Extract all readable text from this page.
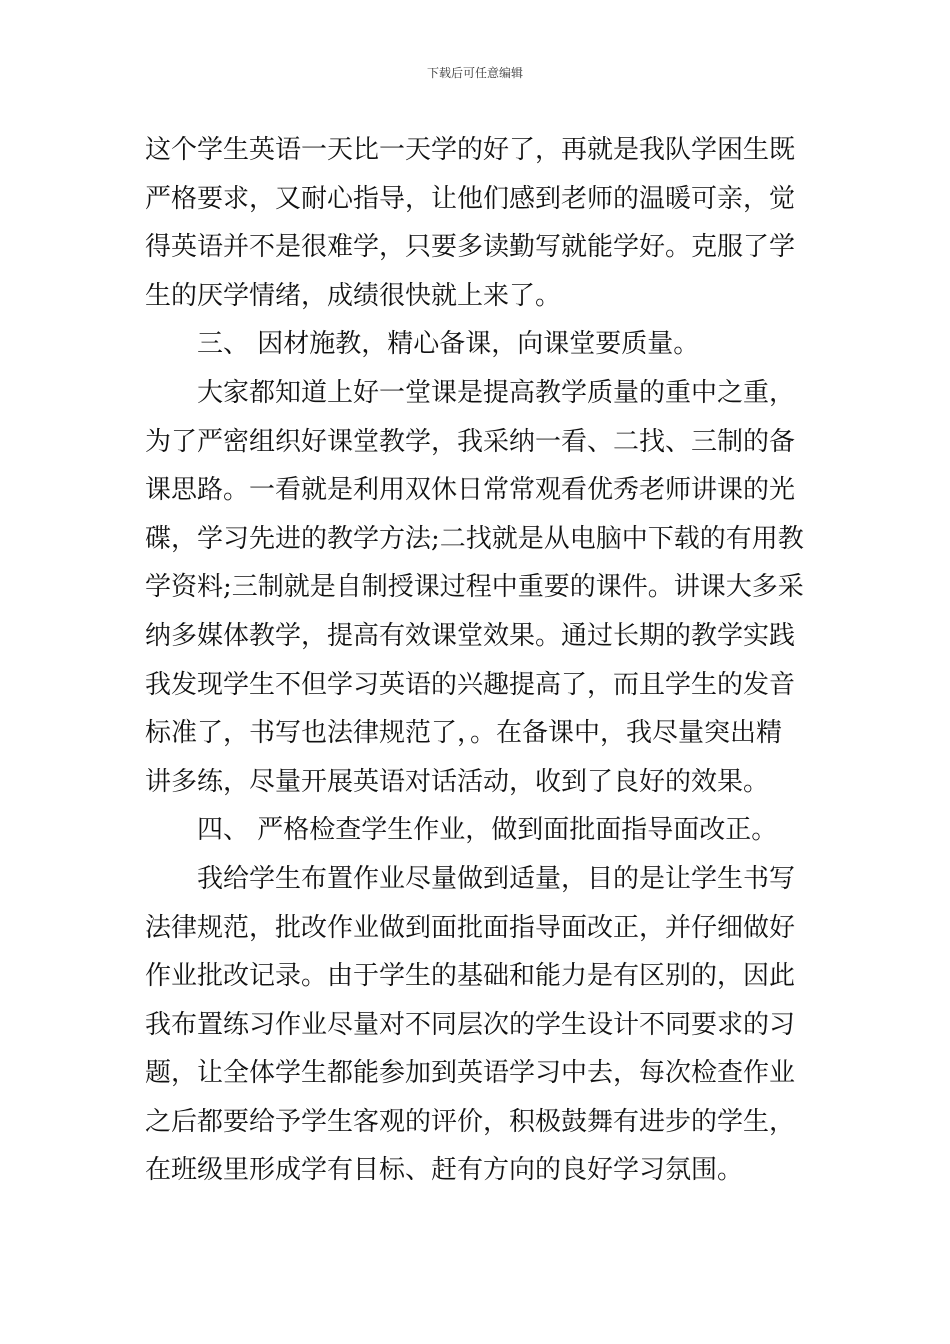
下载后可任意编辑
这个学生英语一天比一天学的好了，再就是我队学困生既
严格要求，又耐心指导，让他们感到老师的温暖可亲，觉
得英语并不是很难学，只要多读勤写就能学好。克服了学
生的厌学情绪，成绩很快就上来了。
三、 因材施教，精心备课，向课堂要质量。
大家都知道上好一堂课是提高教学质量的重中之重，
为了严密组织好课堂教学，我采纳一看、二找、三制的备
课思路。一看就是利用双休日常常观看优秀老师讲课的光
碟，学习先进的教学方法;二找就是从电脑中下载的有用教
学资料;三制就是自制授课过程中重要的课件。讲课大多采
纳多媒体教学，提高有效课堂效果。通过长期的教学实践
我发现学生不但学习英语的兴趣提高了，而且学生的发音
标准了，书写也法律规范了，。在备课中，我尽量突出精
讲多练，尽量开展英语对话活动，收到了良好的效果。
四、 严格检查学生作业，做到面批面指导面改正。
我给学生布置作业尽量做到适量，目的是让学生书写
法律规范，批改作业做到面批面指导面改正，并仔细做好
作业批改记录。由于学生的基础和能力是有区别的，因此
我布置练习作业尽量对不同层次的学生设计不同要求的习
题，让全体学生都能参加到英语学习中去，每次检查作业
之后都要给予学生客观的评价，积极鼓舞有进步的学生，
在班级里形成学有目标、赶有方向的良好学习氛围。
